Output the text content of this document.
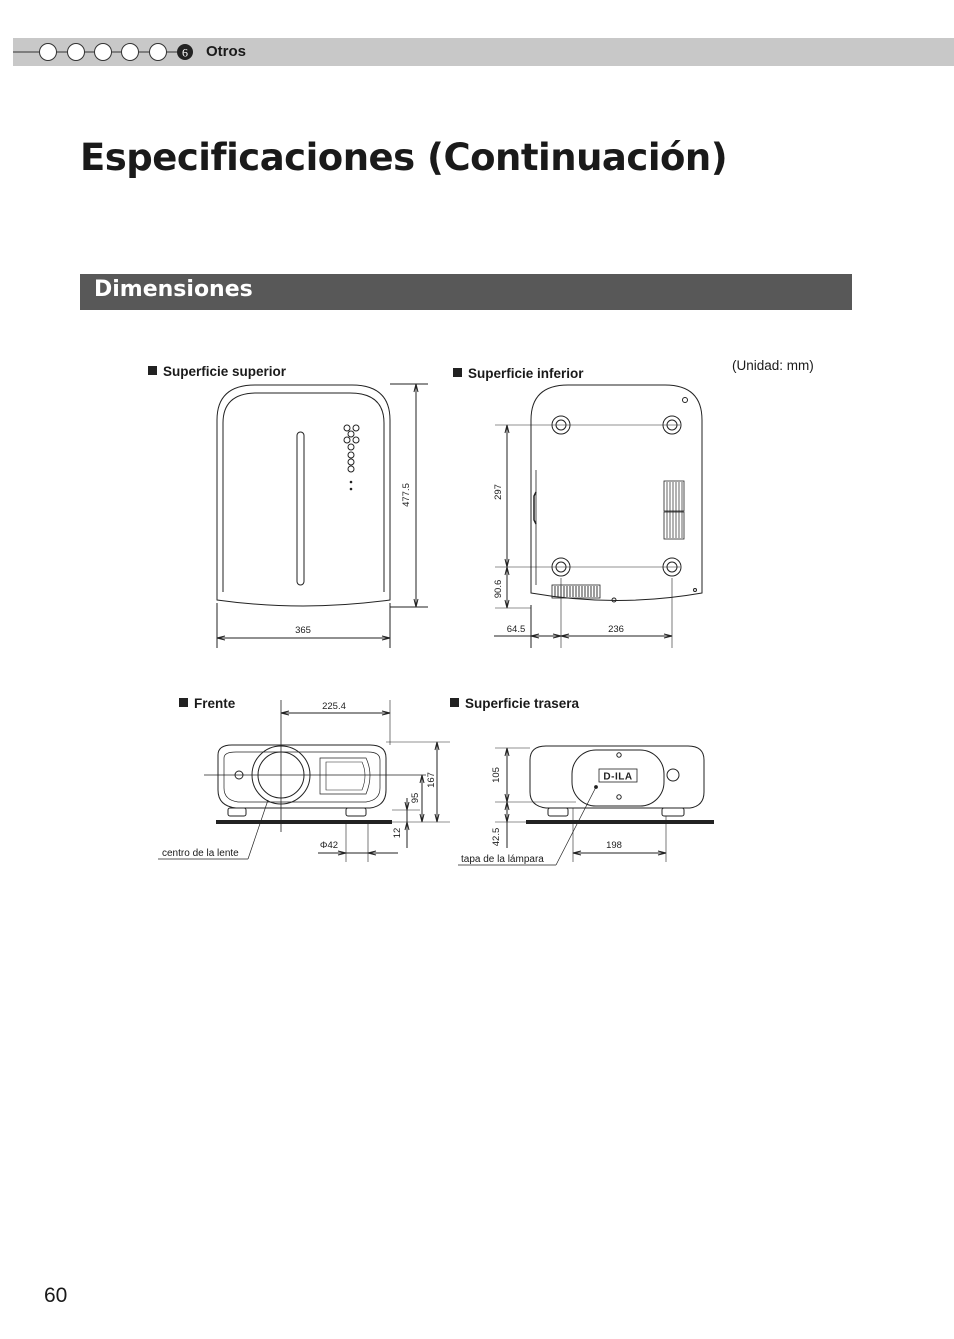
6 Otros
Especificaciones (Continuación)
Dimensiones
(Unidad: mm)
Superficie superior	Superficie inferior
Frente	Superficie trasera
D-ILA
365
477.5	297
90.6
64.5	236
225.4
167
95
12
Φ42
105
42.5	198
centro de la lente
tapa de la lámpara
60
